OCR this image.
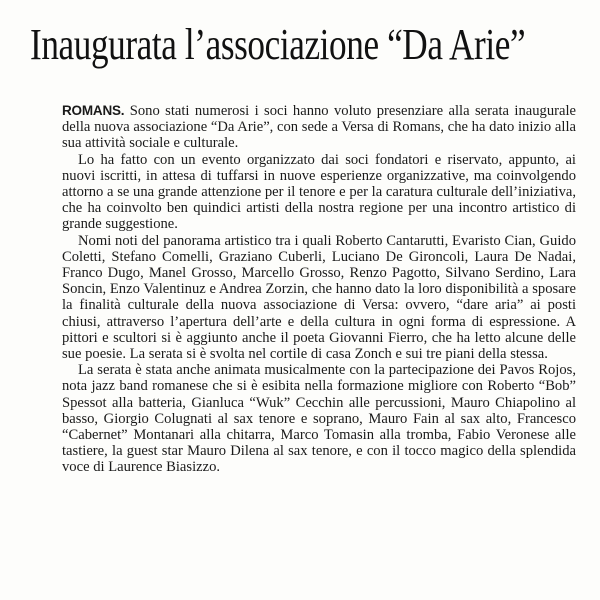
Inaugurata l’associazione “Da Arie”

ROMANS. Sono stati numerosi i soci hanno voluto presenziare alla serata inaugurale della nuova associazione “Da Arie”, con sede a Versa di Romans, che ha dato inizio alla sua attività sociale e culturale.

Lo ha fatto con un evento organizzato dai soci fondatori e riservato, appunto, ai nuovi iscritti, in attesa di tuffarsi in nuove esperienze organizzative, ma coinvolgendo attorno a se una grande attenzione per il tenore e per la caratura culturale dell’iniziativa, che ha coinvolto ben quindici artisti della nostra regione per una incontro artistico di grande suggestione.

Nomi noti del panorama artistico tra i quali Roberto Cantarutti, Evaristo Cian, Guido Coletti, Stefano Comelli, Graziano Cuberli, Luciano De Gironcoli, Laura De Nadai, Franco Dugo, Manel Grosso, Marcello Grosso, Renzo Pagotto, Silvano Serdino, Lara Soncin, Enzo Valentinuz e Andrea Zorzin, che hanno dato la loro disponibilità a sposare la finalità culturale della nuova associazione di Versa: ovvero, “dare aria” ai posti chiusi, attraverso l’apertura dell’arte e della cultura in ogni forma di espressione. A pittori e scultori si è aggiunto anche il poeta Giovanni Fierro, che ha letto alcune delle sue poesie. La serata si è svolta nel cortile di casa Zonch e sui tre piani della stessa.

La serata è stata anche animata musicalmente con la partecipazione dei Pavos Rojos, nota jazz band romanese che si è esibita nella formazione migliore con Roberto “Bob” Spessot alla batteria, Gianluca “Wuk” Cecchin alle percussioni, Mauro Chiapolino al basso, Giorgio Colugnati al sax tenore e soprano, Mauro Fain al sax alto, Francesco “Cabernet” Montanari alla chitarra, Marco Tomasin alla tromba, Fabio Veronese alle tastiere, la guest star Mauro Dilena al sax tenore, e con il tocco magico della splendida voce di Laurence Biasizzo.
